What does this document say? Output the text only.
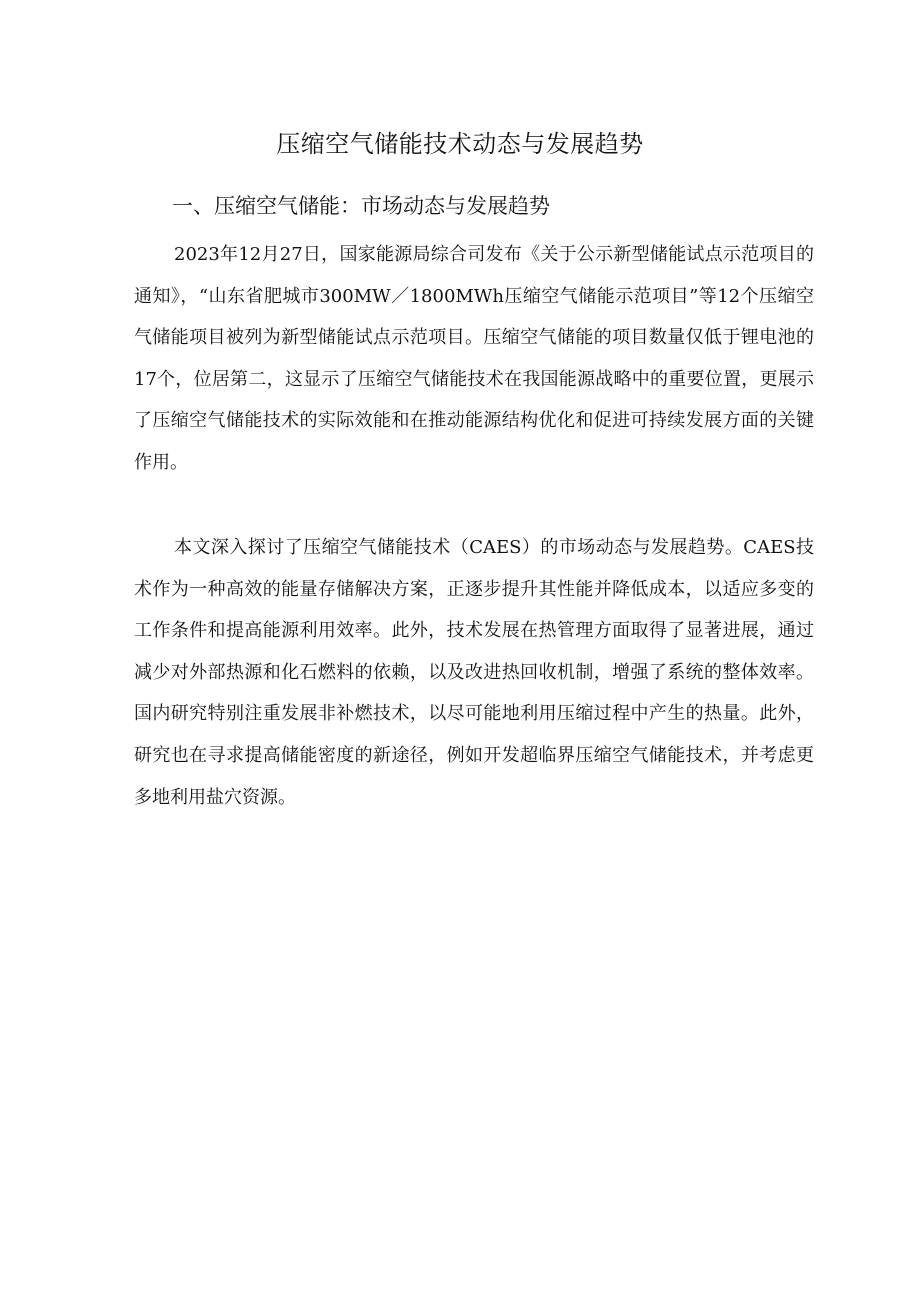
压缩空气储能技术动态与发展趋势
一、压缩空气储能：市场动态与发展趋势

2023年12月27日，国家能源局综合司发布《关于公示新型储能试点示范项目的通知》，“山东省肥城市300MW／1800MWh压缩空气储能示范项目”等12个压缩空气储能项目被列为新型储能试点示范项目。压缩空气储能的项目数量仅低于锂电池的17个，位居第二，这显示了压缩空气储能技术在我国能源战略中的重要位置，更展示了压缩空气储能技术的实际效能和在推动能源结构优化和促进可持续发展方面的关键作用。

本文深入探讨了压缩空气储能技术（CAES）的市场动态与发展趋势。CAES技术作为一种高效的能量存储解决方案，正逐步提升其性能并降低成本，以适应多变的工作条件和提高能源利用效率。此外，技术发展在热管理方面取得了显著进展，通过减少对外部热源和化石燃料的依赖，以及改进热回收机制，增强了系统的整体效率。国内研究特别注重发展非补燃技术，以尽可能地利用压缩过程中产生的热量。此外，研究也在寻求提高储能密度的新途径，例如开发超临界压缩空气储能技术，并考虑更多地利用盐穴资源。
